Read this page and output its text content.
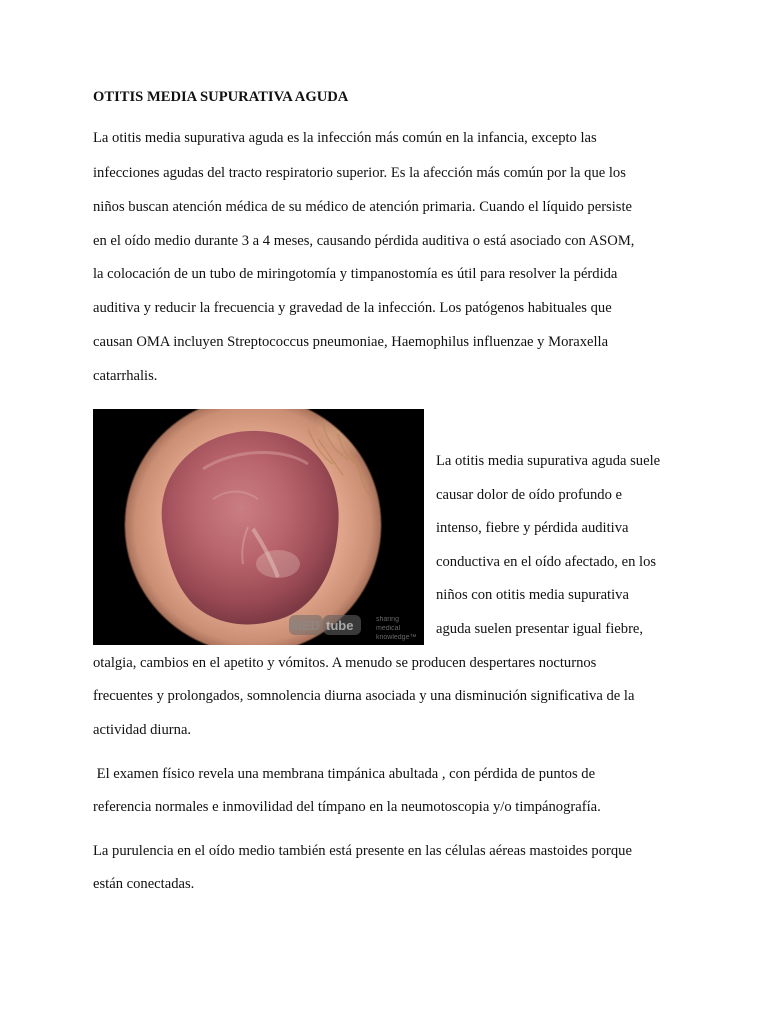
OTITIS MEDIA SUPURATIVA AGUDA

La otitis media supurativa aguda es la infección más común en la infancia, excepto las

infecciones agudas del tracto respiratorio superior. Es la afección más común por la que los

niños buscan atención médica de su médico de atención primaria. Cuando el líquido persiste

en el oído medio durante 3 a 4 meses, causando pérdida auditiva o está asociado con ASOM,

la colocación de un tubo de miringotomía y timpanostomía es útil para resolver la pérdida

auditiva y reducir la frecuencia y gravedad de la infección. Los patógenos habituales que

causan OMA incluyen Streptococcus pneumoniae, Haemophilus influenzae y Moraxella

catarrhalis.

MED tube	sharing
medical
knowledge™

La otitis media supurativa aguda suele

causar dolor de oído profundo e

intenso, fiebre y pérdida auditiva

conductiva en el oído afectado, en los

niños con otitis media supurativa

aguda suelen presentar igual fiebre,

otalgia, cambios en el apetito y vómitos. A menudo se producen despertares nocturnos

frecuentes y prolongados, somnolencia diurna asociada y una disminución significativa de la

actividad diurna.

El examen físico revela una membrana timpánica abultada , con pérdida de puntos de

referencia normales e inmovilidad del tímpano en la neumotoscopia y/o timpánografía.

La purulencia en el oído medio también está presente en las células aéreas mastoides porque

están conectadas.
